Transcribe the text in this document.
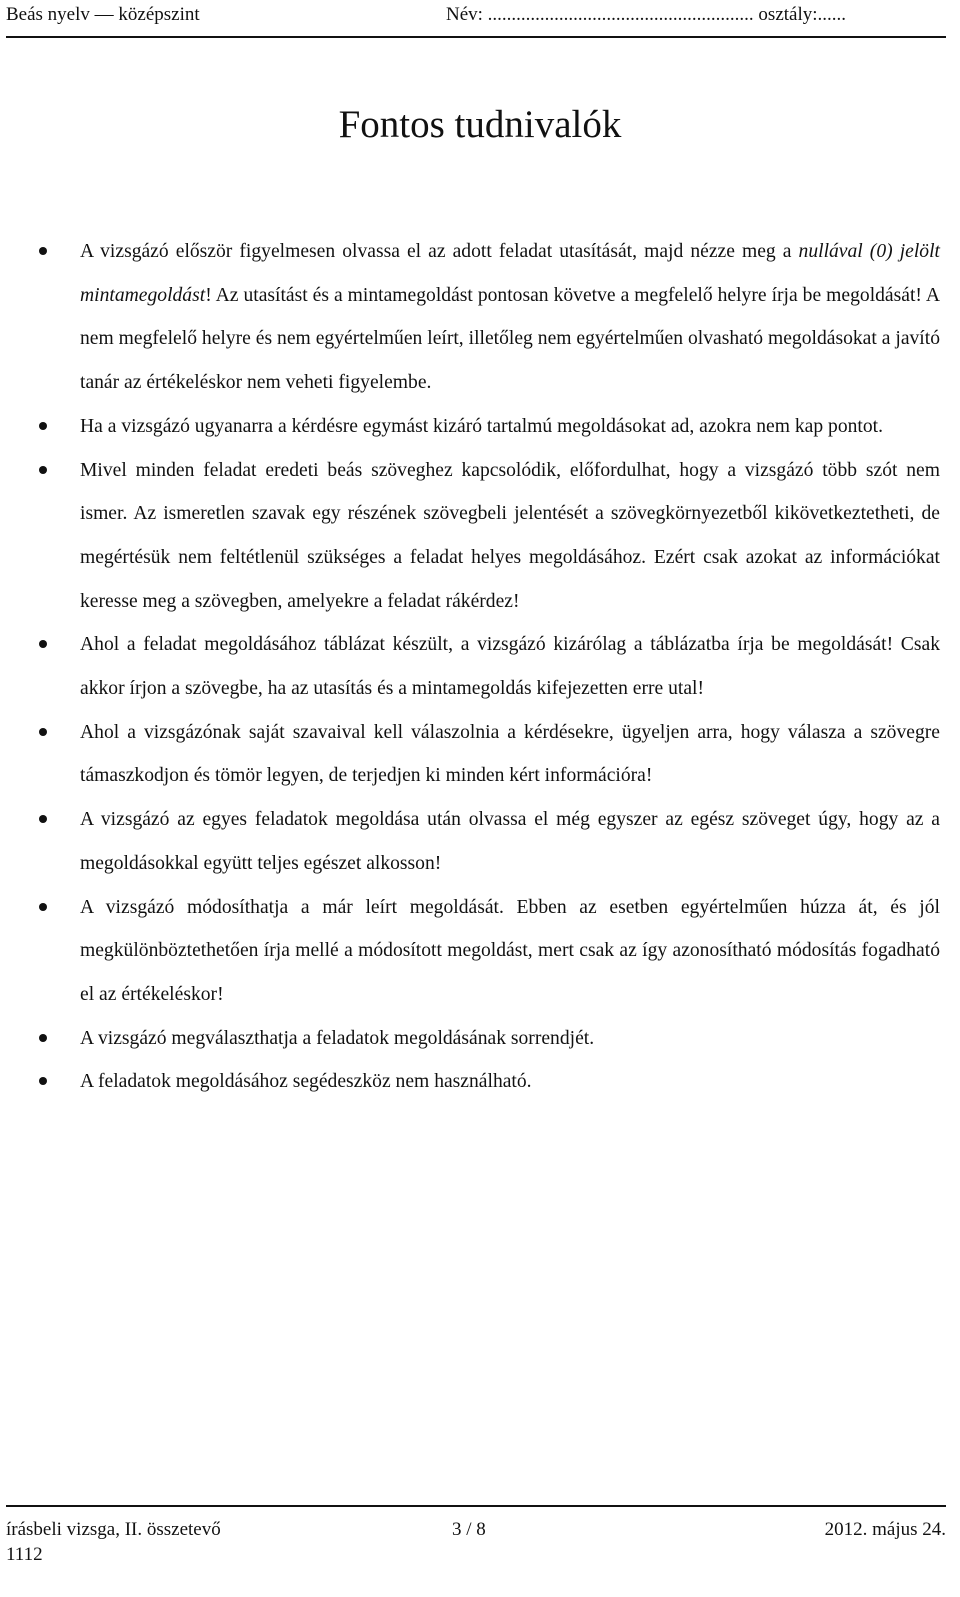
Beás nyelv — középszint	Név: ........................................................ osztály:......
Fontos tudnivalók
A vizsgázó először figyelmesen olvassa el az adott feladat utasítását, majd nézze meg a nullával (0) jelölt mintamegoldást! Az utasítást és a mintamegoldást pontosan követve a megfelelő helyre írja be megoldását! A nem megfelelő helyre és nem egyértelműen leírt, illetőleg nem egyértelműen olvasható megoldásokat a javító tanár az értékeléskor nem veheti figyelembe.
Ha a vizsgázó ugyanarra a kérdésre egymást kizáró tartalmú megoldásokat ad, azokra nem kap pontot.
Mivel minden feladat eredeti beás szöveghez kapcsolódik, előfordulhat, hogy a vizsgázó több szót nem ismer. Az ismeretlen szavak egy részének szövegbeli jelentését a szövegkörnyezetből kikövetkeztetheti, de megértésük nem feltétlenül szükséges a feladat helyes megoldásához. Ezért csak azokat az információkat keresse meg a szövegben, amelyekre a feladat rákérdez!
Ahol a feladat megoldásához táblázat készült, a vizsgázó kizárólag a táblázatba írja be megoldását! Csak akkor írjon a szövegbe, ha az utasítás és a mintamegoldás kifejezetten erre utal!
Ahol a vizsgázónak saját szavaival kell válaszolnia a kérdésekre, ügyeljen arra, hogy válasza a szövegre támaszkodjon és tömör legyen, de terjedjen ki minden kért információra!
A vizsgázó az egyes feladatok megoldása után olvassa el még egyszer az egész szöveget úgy, hogy az a megoldásokkal együtt teljes egészet alkosson!
A vizsgázó módosíthatja a már leírt megoldását. Ebben az esetben egyértelműen húzza át, és jól megkülönböztethetően írja mellé a módosított megoldást, mert csak az így azonosítható módosítás fogadható el az értékeléskor!
A vizsgázó megválaszthatja a feladatok megoldásának sorrendjét.
A feladatok megoldásához segédeszköz nem használható.
írásbeli vizsga, II. összetevő	3 / 8	2012. május 24.
1112
